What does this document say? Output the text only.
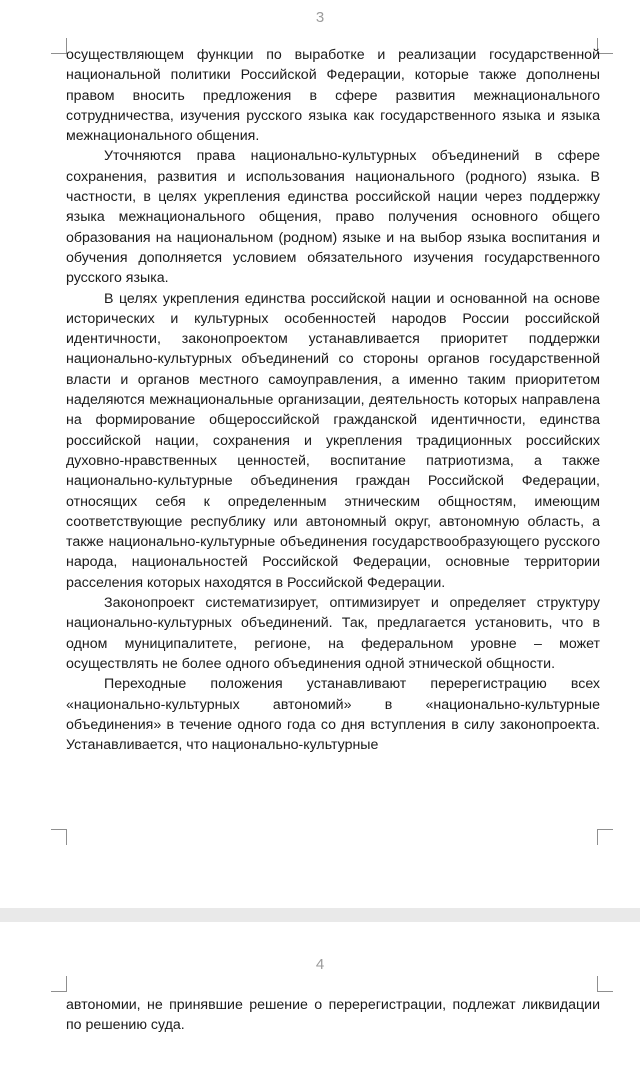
3

осуществляющем функции по выработке и реализации государственной национальной политики Российской Федерации, которые также дополнены правом вносить предложения в сфере развития межнационального сотрудничества, изучения русского языка как государственного языка и языка межнационального общения.

Уточняются права национально-культурных объединений в сфере сохранения, развития и использования национального (родного) языка. В частности, в целях укрепления единства российской нации через поддержку языка межнационального общения, право получения основного общего образования на национальном (родном) языке и на выбор языка воспитания и обучения дополняется условием обязательного изучения государственного русского языка.

В целях укрепления единства российской нации и основанной на основе исторических и культурных особенностей народов России российской идентичности, законопроектом устанавливается приоритет поддержки национально-культурных объединений со стороны органов государственной власти и органов местного самоуправления, а именно таким приоритетом наделяются межнациональные организации, деятельность которых направлена на формирование общероссийской гражданской идентичности, единства российской нации, сохранения и укрепления традиционных российских духовно-нравственных ценностей, воспитание патриотизма, а также национально-культурные объединения граждан Российской Федерации, относящих себя к определенным этническим общностям, имеющим соответствующие республику или автономный округ, автономную область, а также национально-культурные объединения государствообразующего русского народа, национальностей Российской Федерации, основные территории расселения которых находятся в Российской Федерации.

Законопроект систематизирует, оптимизирует и определяет структуру национально-культурных объединений. Так, предлагается установить, что в одном муниципалитете, регионе, на федеральном уровне – может осуществлять не более одного объединения одной этнической общности.

Переходные положения устанавливают перерегистрацию всех «национально-культурных автономий» в «национально-культурные объединения» в течение одного года со дня вступления в силу законопроекта. Устанавливается, что национально-культурные

4

автономии, не принявшие решение о перерегистрации, подлежат ликвидации по решению суда.
